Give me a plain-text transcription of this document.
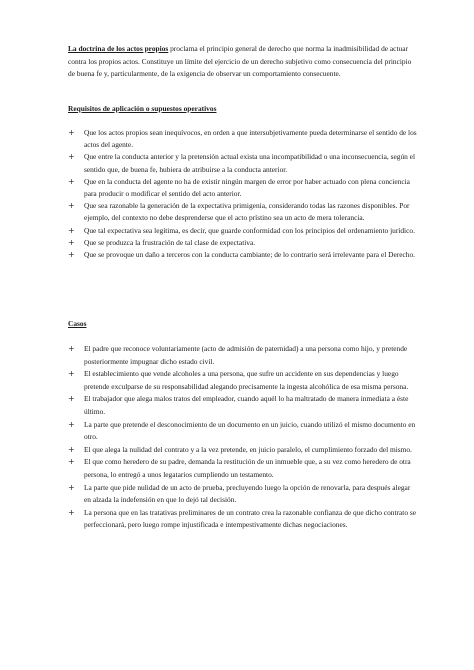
La doctrina de los actos propios proclama el principio general de derecho que norma la inadmisibilidad de actuar contra los propios actos. Constituye un límite del ejercicio de un derecho subjetivo como consecuencia del principio de buena fe y, particularmente, de la exigencia de observar un comportamiento consecuente.

Requisitos de aplicación o supuestos operativos

+	Que los actos propios sean inequívocos, en orden a que intersubjetivamente pueda determinarse el sentido de los actos del agente.
+	Que entre la conducta anterior y la pretensión actual exista una incompatibilidad o una inconsecuencia, según el sentido que, de buena fe, hubiera de atribuirse a la conducta anterior.
+	Que en la conducta del agente no ha de existir ningún margen de error por haber actuado con plena conciencia para producir o modificar el sentido del acto anterior.
+	Que sea razonable la generación de la expectativa primigenia, considerando todas las razones disponibles. Por ejemplo, del contexto no debe desprenderse que el acto prístino sea un acto de mera tolerancia.
+	Que tal expectativa sea legítima, es decir, que guarde conformidad con los principios del ordenamiento jurídico.
+	Que se produzca la frustración de tal clase de expectativa.
+	Que se provoque un daño a terceros con la conducta cambiante; de lo contrario será irrelevante para el Derecho.

Casos

+	El padre que reconoce voluntariamente (acto de admisión de paternidad) a una persona como hijo, y pretende posteriormente impugnar dicho estado civil.
+	El establecimiento que vende alcoholes a una persona, que sufre un accidente en sus dependencias y luego pretende exculparse de su responsabilidad alegando precisamente la ingesta alcohólica de esa misma persona.
+	El trabajador que alega malos tratos del empleador, cuando aquél lo ha maltratado de manera inmediata a éste último.
+	La parte que pretende el desconocimiento de un documento en un juicio, cuando utilizó el mismo documento en otro.
+	El que alega la nulidad del contrato y a la vez pretende, en juicio paralelo, el cumplimiento forzado del mismo.
+	El que como heredero de su padre, demanda la restitución de un inmueble que, a su vez como heredero de otra persona, lo entregó a unos legatarios cumpliendo un testamento.
+	La parte que pide nulidad de un acto de prueba, precluyendo luego la opción de renovarla, para después alegar en alzada la indefensión en que lo dejó tal decisión.
+	La persona que en las tratativas preliminares de un contrato crea la razonable confianza de que dicho contrato se perfeccionará, pero luego rompe injustificada e intempestivamente dichas negociaciones.
